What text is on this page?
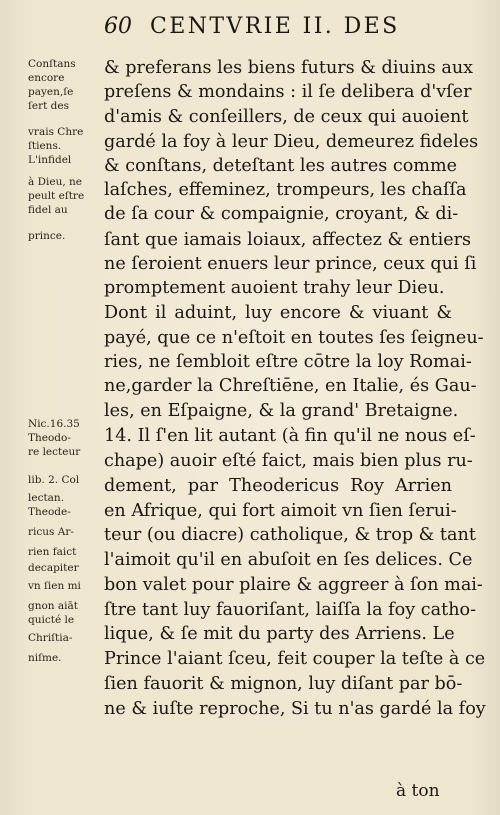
60 CENTVRIE II. DES
Conſtans
encore
payen,ſe
ſert des
vrais Chre
ſtiens.
L'infidel
à Dieu, ne
peult eſtre
fidel au
prince.
Nic.16.35
Theodo-
re lecteur
lib. 2. Col
lectan.
Theode-
ricus Ar-
rien faict
decapiter
vn ſien mi
gnon aiāt
quicté le
Chriſtia-
niſme.
& preferans les biens futurs & diuins aux
preſens & mondains : il ſe delibera d'vſer
d'amis & conſeillers, de ceux qui auoient
gardé la foy à leur Dieu, demeurez fideles
& conſtans, deteſtant les autres comme
laſches, effeminez, trompeurs, les chaſſa
de ſa cour & compaignie, croyant, & di-
ſant que iamais loiaux, affectez & entiers
ne ſeroient enuers leur prince, ceux qui ſi
promptement auoient trahy leur Dieu.
Dont il aduint, luy encore & viuant &
payé, que ce n'eſtoit en toutes ſes ſeigneu-
ries, ne ſembloit eſtre cōtre la loy Romai-
ne,garder la Chreſtiēne, en Italie, és Gau-
les, en Eſpaigne, & la grand' Bretaigne.
14. Il ſ'en lit autant (à fin qu'il ne nous eſ-
chape) auoir eſté faict, mais bien plus ru-
dement, par Theodericus Roy Arrien
en Afrique, qui fort aimoit vn ſien ſerui-
teur (ou diacre) catholique, & trop & tant
l'aimoit qu'il en abuſoit en ſes delices. Ce
bon valet pour plaire & aggreer à ſon mai-
ſtre tant luy fauoriſant, laiſſa la foy catho-
lique, & ſe mit du party des Arriens. Le
Prince l'aiant ſceu, feit couper la teſte à ce
ſien fauorit & mignon, luy diſant par bō-
ne & iuſte reproche, Si tu n'as gardé la foy
à ton
